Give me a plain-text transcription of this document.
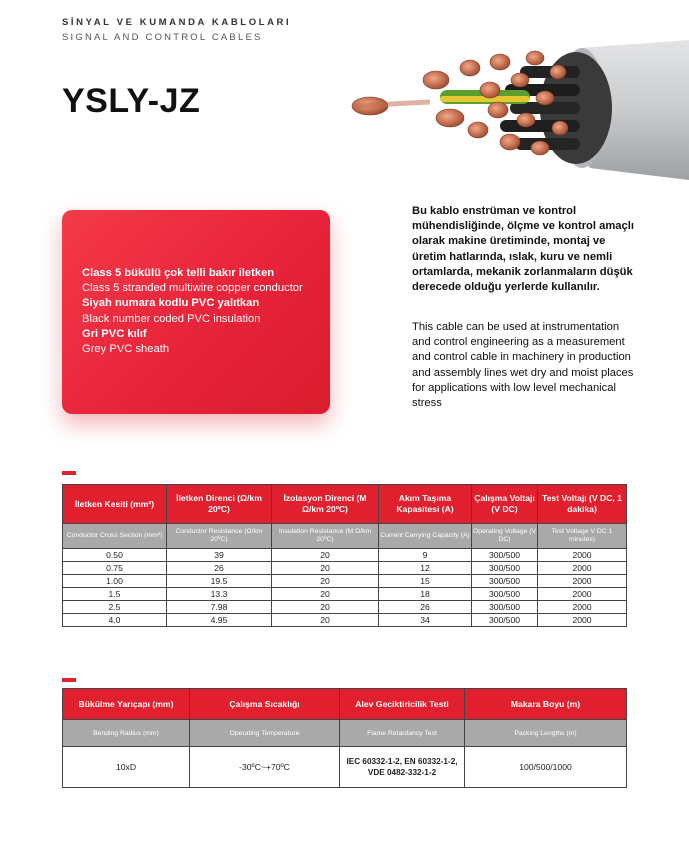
SİNYAL VE KUMANDA KABLOLARI
SIGNAL AND CONTROL CABLES
YSLY-JZ
Class 5 bükülü çok telli bakır iletken
Class 5 stranded multiwire copper conductor
Siyah numara kodlu PVC yalıtkan
Black number coded PVC insulation
Gri PVC kılıf
Grey PVC sheath
Bu kablo enstrüman ve kontrol mühendisliğinde, ölçme ve kontrol amaçlı olarak makine üretiminde, montaj ve üretim hatlarında, ıslak, kuru ve nemli ortamlarda, mekanik zorlanmaların düşük derecede olduğu yerlerde kullanılır.
This cable can be used at instrumentation and control engineering as a measurement and control cable in machinery in production and assembly lines wet dry and moist places for applications with low level mechanical stress
İletken Kesiti (mm²)	İletken Direnci (Ω/km 20ºC)	İzolasyon Direnci (M Ω/km 20ºC)	Akım Taşıma Kapasitesi (A)	Çalışma Voltajı (V DC)	Test Voltajı (V DC, 1 dakika)
Conductor Cross Section (mm²)	Conductor Resistance (Ω/km 20ºC)	Insulation Resistance (M Ω/km 20ºC)	Current Carrying Capacity (A)	Operating Voltage (V DC)	Test Voltage V DC 1 minutes)
0.50	39	20	9	300/500	2000
0.75	26	20	12	300/500	2000
1.00	19.5	20	15	300/500	2000
1.5	13.3	20	18	300/500	2000
2.5	7.98	20	26	300/500	2000
4.0	4.95	20	34	300/500	2000
Bükülme Yarıçapı (mm)	Çalışma Sıcaklığı	Alev Geciktiricilik Testi	Makara Boyu (m)
Bending Radius (mm)	Operating Temperature	Flame Retardancy Test	Packing Lengths (m)
10xD	-30ºC~+70ºC	IEC 60332-1-2, EN 60332-1-2, VDE 0482-332-1-2	100/500/1000
